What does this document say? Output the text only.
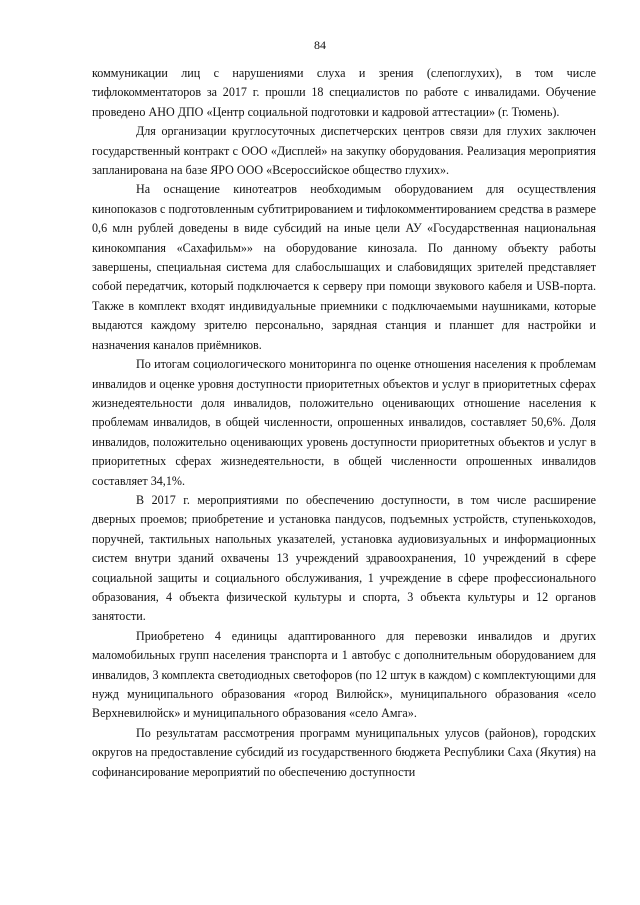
84

коммуникации лиц с нарушениями слуха и зрения (слепоглухих), в том числе тифлокомментаторов за 2017 г. прошли 18 специалистов по работе с инвалидами. Обучение проведено АНО ДПО «Центр социальной подготовки и кадровой аттестации» (г. Тюмень).

Для организации круглосуточных диспетчерских центров связи для глухих заключен государственный контракт с ООО «Дисплей» на закупку оборудования. Реализация мероприятия запланирована на базе ЯРО ООО «Всероссийское общество глухих».

На оснащение кинотеатров необходимым оборудованием для осуществления кинопоказов с подготовленным субтитрированием и тифлокомментированием средства в размере 0,6 млн рублей доведены в виде субсидий на иные цели АУ «Государственная национальная кинокомпания «Сахафильм»» на оборудование кинозала. По данному объекту работы завершены, специальная система для слабослышащих и слабовидящих зрителей представляет собой передатчик, который подключается к серверу при помощи звукового кабеля и USB-порта. Также в комплект входят индивидуальные приемники с подключаемыми наушниками, которые выдаются каждому зрителю персонально, зарядная станция и планшет для настройки и назначения каналов приёмников.

По итогам социологического мониторинга по оценке отношения населения к проблемам инвалидов и оценке уровня доступности приоритетных объектов и услуг в приоритетных сферах жизнедеятельности доля инвалидов, положительно оценивающих отношение населения к проблемам инвалидов, в общей численности, опрошенных инвалидов, составляет 50,6%. Доля инвалидов, положительно оценивающих уровень доступности приоритетных объектов и услуг в приоритетных сферах жизнедеятельности, в общей численности опрошенных инвалидов составляет 34,1%.

В 2017 г. мероприятиями по обеспечению доступности, в том числе расширение дверных проемов; приобретение и установка пандусов, подъемных устройств, ступенькоходов, поручней, тактильных напольных указателей, установка аудиовизуальных и информационных систем внутри зданий охвачены 13 учреждений здравоохранения, 10 учреждений в сфере социальной защиты и социального обслуживания, 1 учреждение в сфере профессионального образования, 4 объекта физической культуры и спорта, 3 объекта культуры и 12 органов занятости.

Приобретено 4 единицы адаптированного для перевозки инвалидов и других маломобильных групп населения транспорта и 1 автобус с дополнительным оборудованием для инвалидов, 3 комплекта светодиодных светофоров (по 12 штук в каждом) с комплектующими для нужд муниципального образования «город Вилюйск», муниципального образования «село Верхневилюйск» и муниципального образования «село Амга».

По результатам рассмотрения программ муниципальных улусов (районов), городских округов на предоставление субсидий из государственного бюджета Республики Саха (Якутия) на софинансирование мероприятий по обеспечению доступности
